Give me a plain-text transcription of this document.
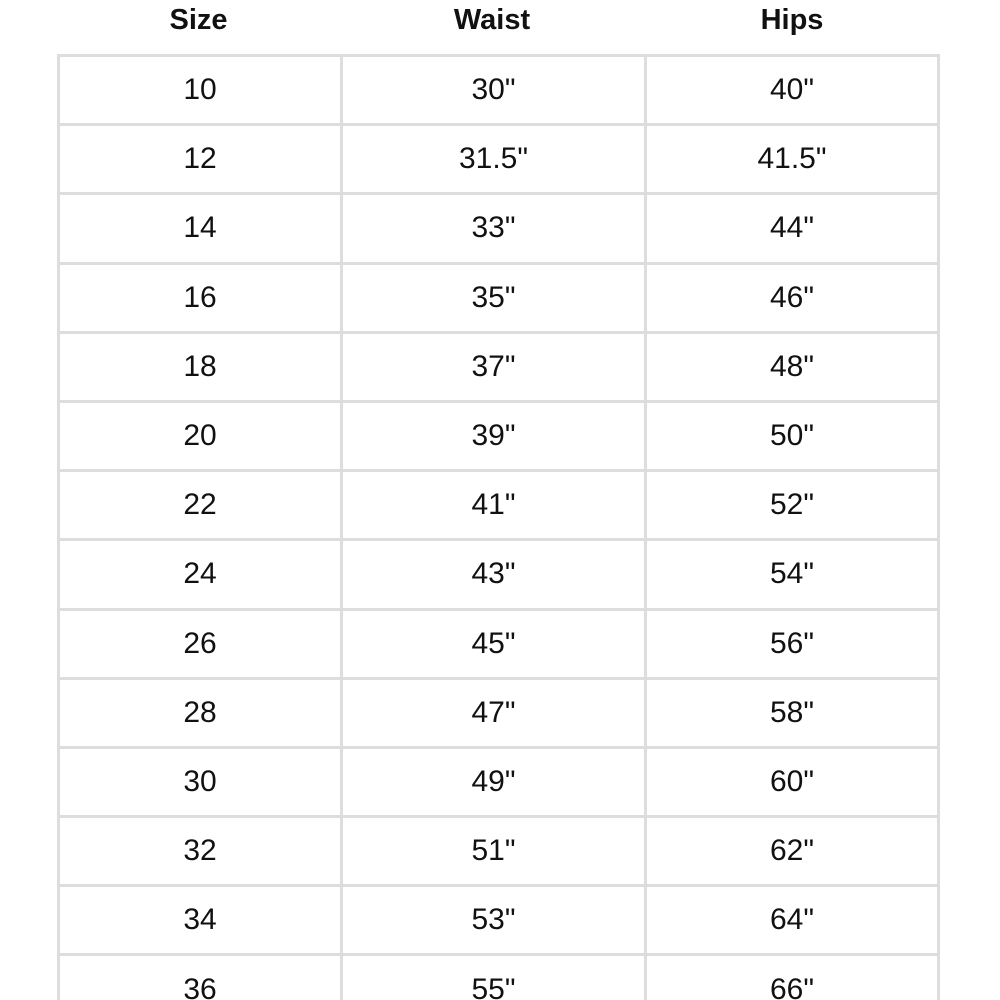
Size	Waist	Hips
10	30"	40"
12	31.5"	41.5"
14	33"	44"
16	35"	46"
18	37"	48"
20	39"	50"
22	41"	52"
24	43"	54"
26	45"	56"
28	47"	58"
30	49"	60"
32	51"	62"
34	53"	64"
36	55"	66"
